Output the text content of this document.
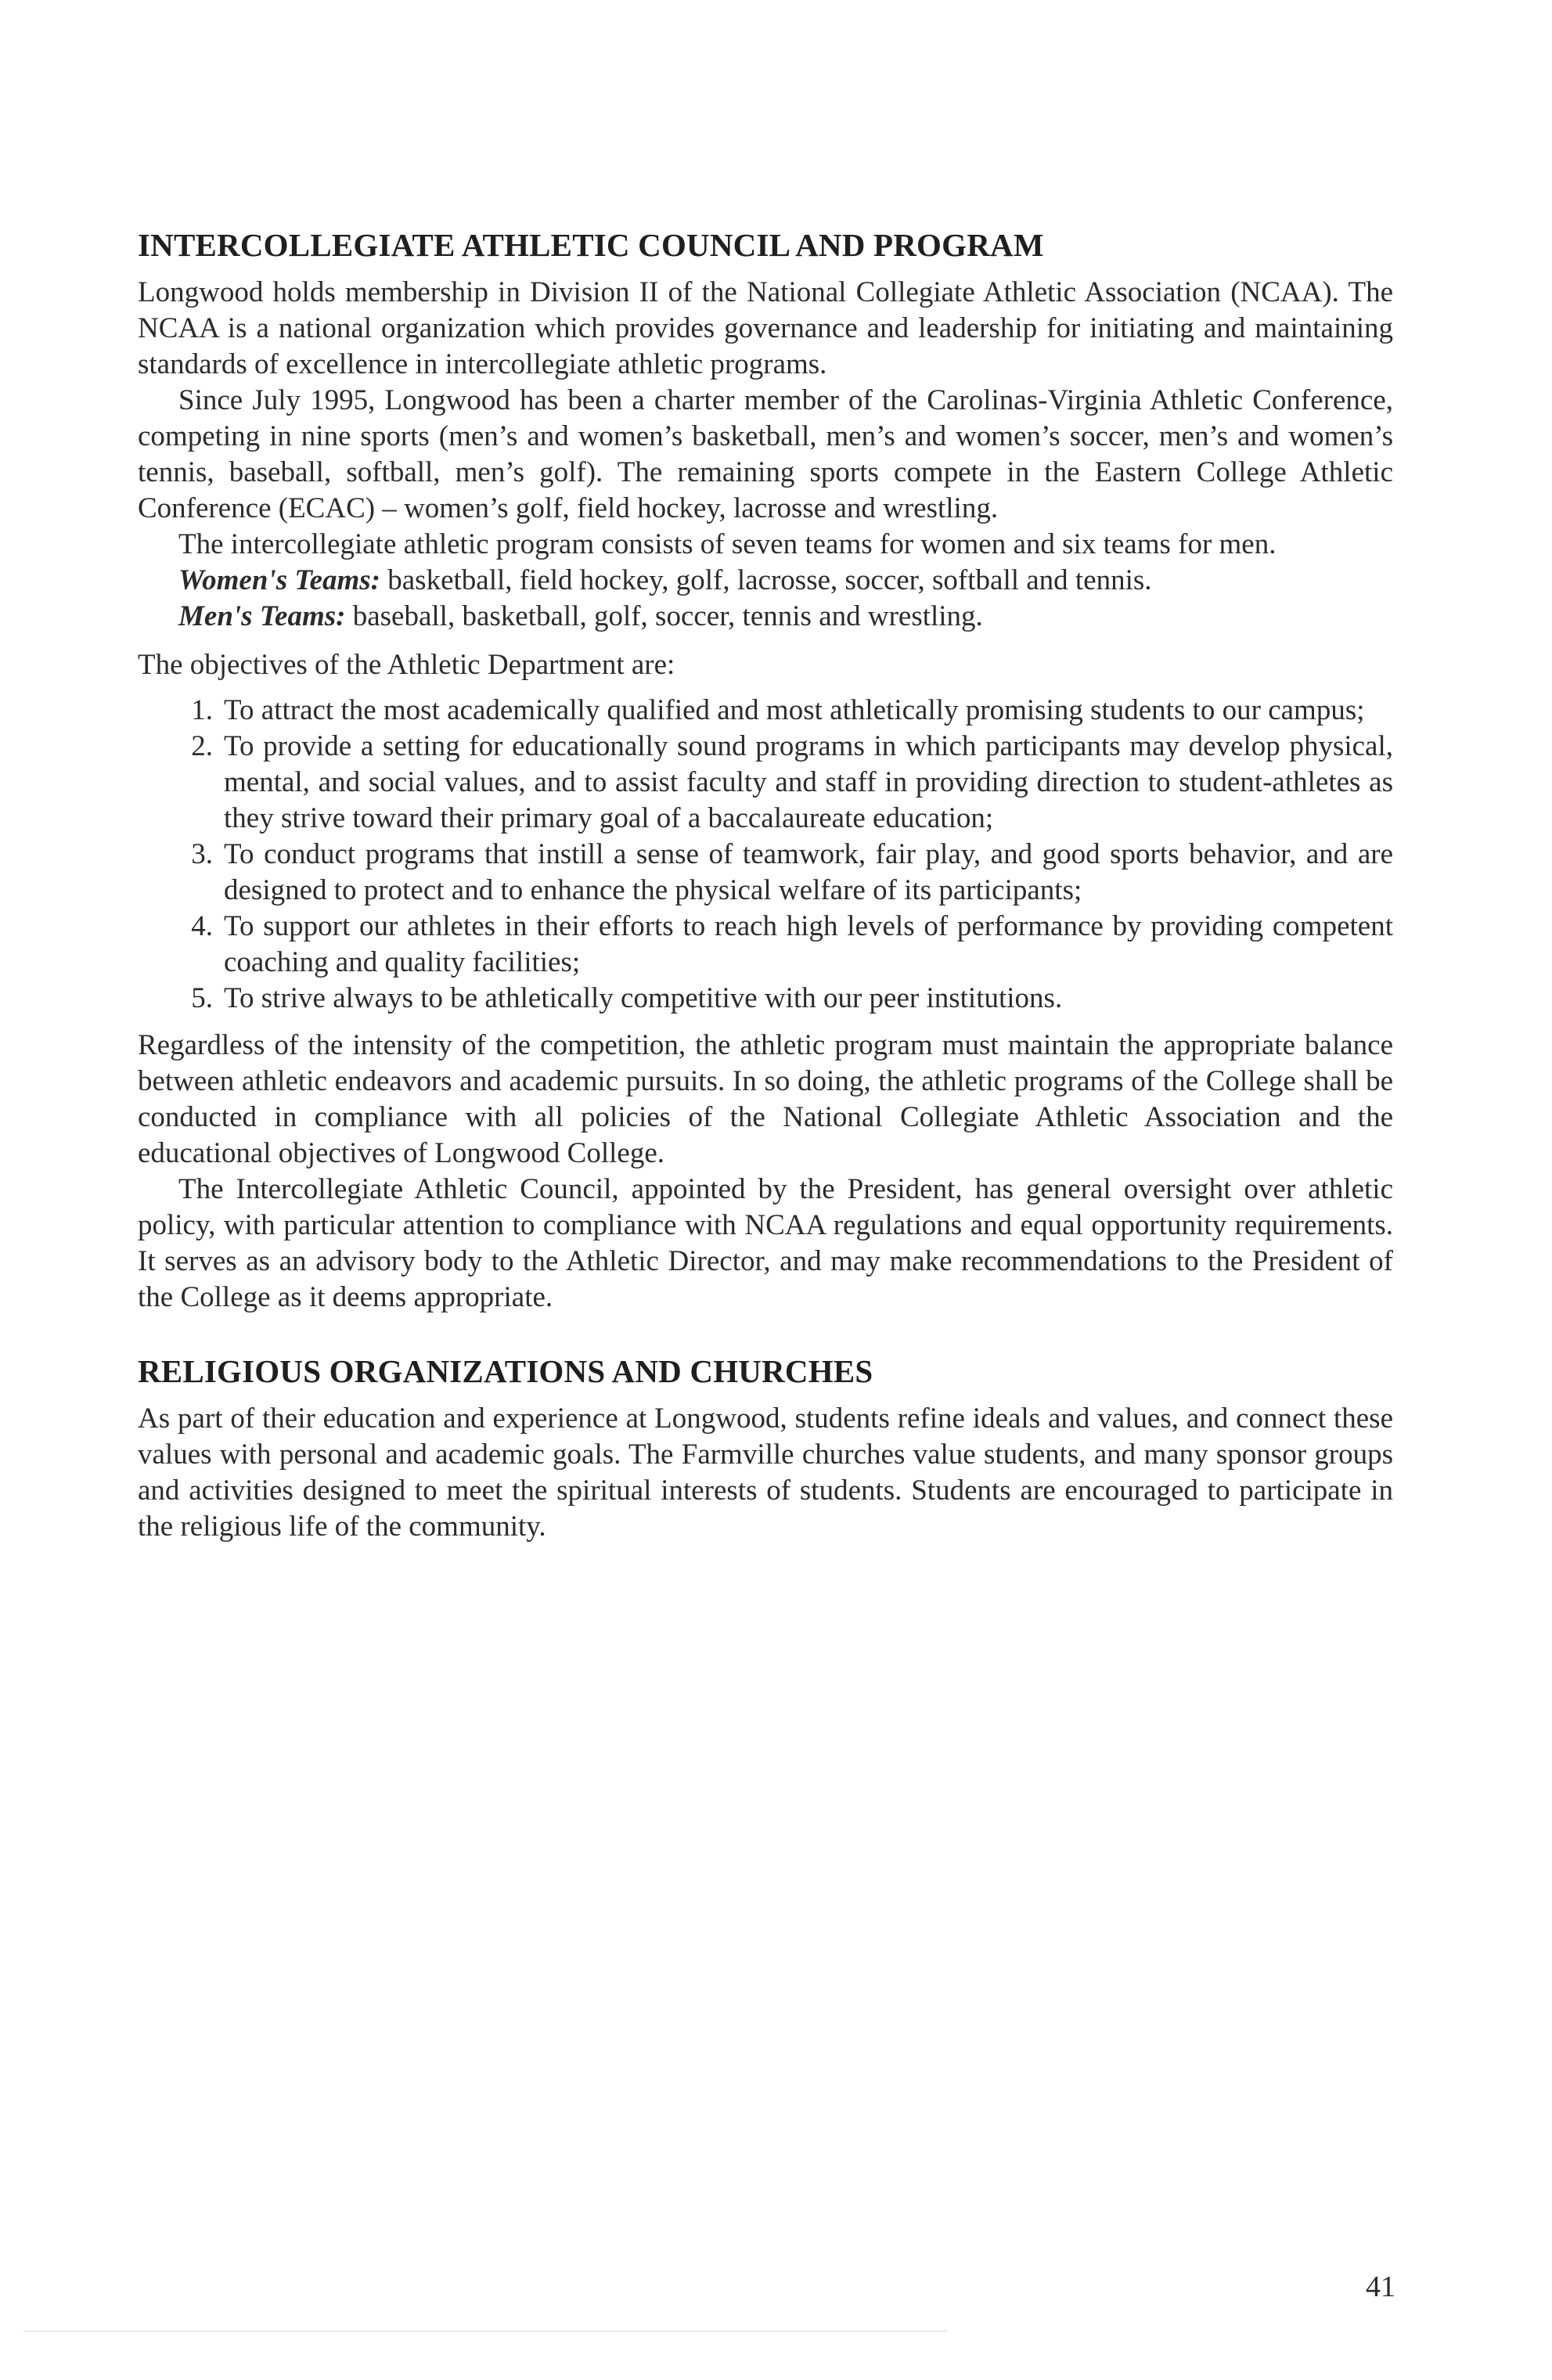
INTERCOLLEGIATE ATHLETIC COUNCIL AND PROGRAM

Longwood holds membership in Division II of the National Collegiate Athletic Association (NCAA). The NCAA is a national organization which provides governance and leadership for initiating and maintaining standards of excellence in intercollegiate athletic programs.

Since July 1995, Longwood has been a charter member of the Carolinas-Virginia Athletic Conference, competing in nine sports (men’s and women’s basketball, men’s and women’s soccer, men’s and women’s tennis, baseball, softball, men’s golf). The remaining sports compete in the Eastern College Athletic Conference (ECAC) – women’s golf, field hockey, lacrosse and wrestling.

The intercollegiate athletic program consists of seven teams for women and six teams for men.

Women's Teams: basketball, field hockey, golf, lacrosse, soccer, softball and tennis.

Men's Teams: baseball, basketball, golf, soccer, tennis and wrestling.

The objectives of the Athletic Department are:

1. To attract the most academically qualified and most athletically promising students to our campus;
2. To provide a setting for educationally sound programs in which participants may develop physical, mental, and social values, and to assist faculty and staff in providing direction to student-athletes as they strive toward their primary goal of a baccalaureate education;
3. To conduct programs that instill a sense of teamwork, fair play, and good sports behavior, and are designed to protect and to enhance the physical welfare of its participants;
4. To support our athletes in their efforts to reach high levels of performance by providing competent coaching and quality facilities;
5. To strive always to be athletically competitive with our peer institutions.

Regardless of the intensity of the competition, the athletic program must maintain the appropriate balance between athletic endeavors and academic pursuits. In so doing, the athletic programs of the College shall be conducted in compliance with all policies of the National Collegiate Athletic Association and the educational objectives of Longwood College.

The Intercollegiate Athletic Council, appointed by the President, has general oversight over athletic policy, with particular attention to compliance with NCAA regulations and equal opportunity requirements. It serves as an advisory body to the Athletic Director, and may make recommendations to the President of the College as it deems appropriate.

RELIGIOUS ORGANIZATIONS AND CHURCHES

As part of their education and experience at Longwood, students refine ideals and values, and connect these values with personal and academic goals. The Farmville churches value students, and many sponsor groups and activities designed to meet the spiritual interests of students. Students are encouraged to participate in the religious life of the community.

41
